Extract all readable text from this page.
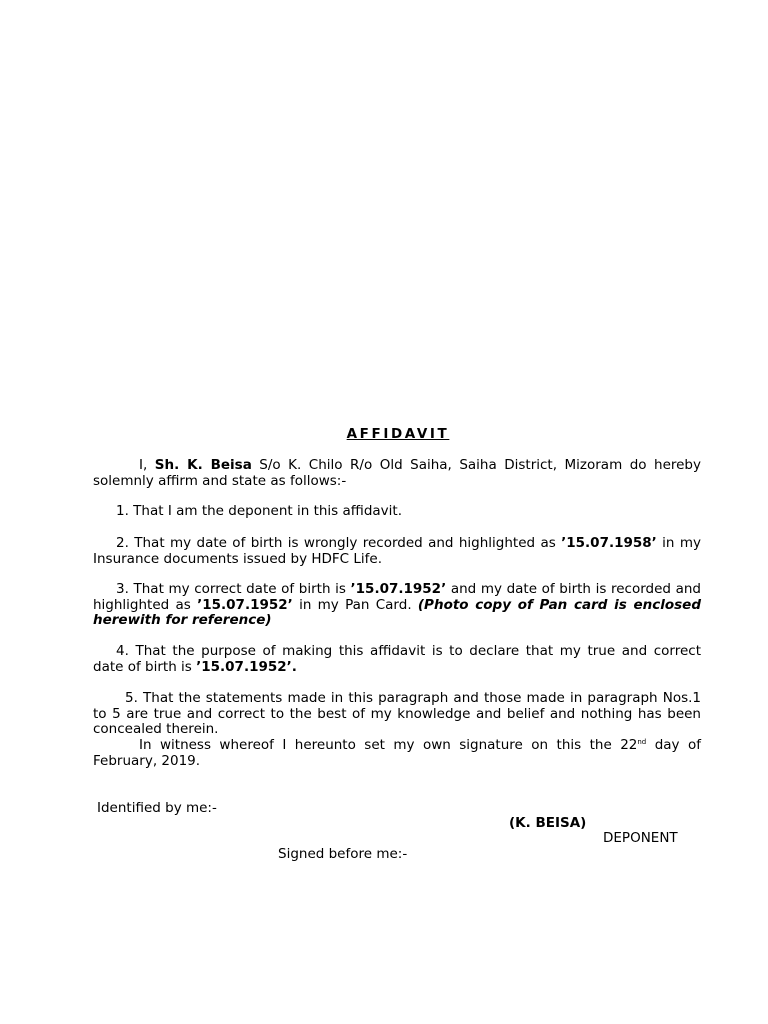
AFFIDAVIT
I, Sh. K. Beisa S/o K. Chilo R/o Old Saiha, Saiha District, Mizoram do hereby solemnly affirm and state as follows:-
1. That I am the deponent in this affidavit.
2. That my date of birth is wrongly recorded and highlighted as ’15.07.1958’ in my Insurance documents issued by HDFC Life.
3. That my correct date of birth is ’15.07.1952’ and my date of birth is recorded and highlighted as ’15.07.1952’ in my Pan Card. (Photo copy of Pan card is enclosed herewith for reference)
4. That the purpose of making this affidavit is to declare that my true and correct date of birth is ’15.07.1952’.
5. That the statements made in this paragraph and those made in paragraph Nos.1 to 5 are true and correct to the best of my knowledge and belief and nothing has been concealed therein.
In witness whereof I hereunto set my own signature on this the 22nd day of February, 2019.
Identified by me:-
(K. BEISA)
DEPONENT
Signed before me:-
